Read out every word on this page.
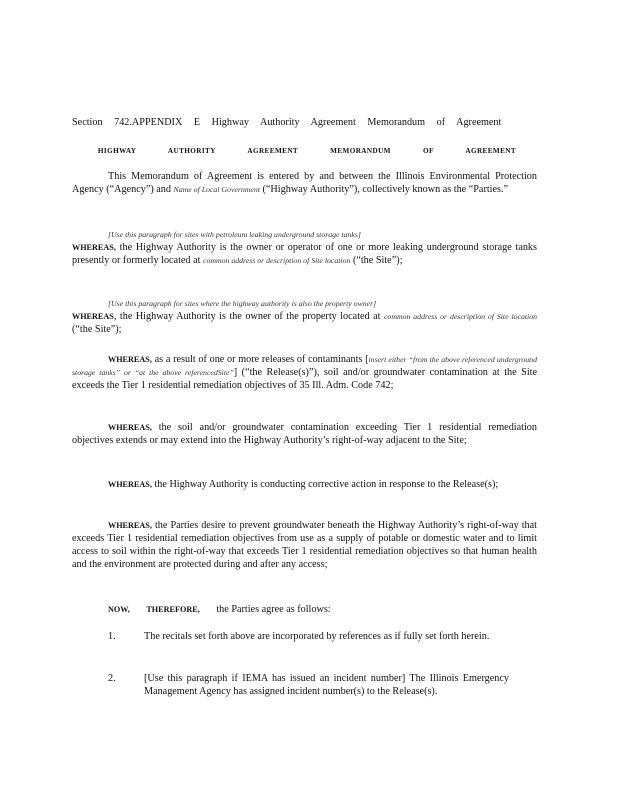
Section 742.APPENDIX E Highway Authority Agreement Memorandum of Agreement
HIGHWAY AUTHORITY AGREEMENT MEMORANDUM OF AGREEMENT
This Memorandum of Agreement is entered by and between the Illinois Environmental Protection Agency (“Agency”) and Name of Local Government (“Highway Authority”), collectively known as the “Parties.”
[Use this paragraph for sites with petroleum leaking underground storage tanks]
WHEREAS, the Highway Authority is the owner or operator of one or more leaking underground storage tanks presently or formerly located at common address or description of Site location (“the Site”);
[Use this paragraph for sites where the highway authority is also the property owner]
WHEREAS, the Highway Authority is the owner of the property located at common address or description of Site location (“the Site”);
WHEREAS, as a result of one or more releases of contaminants [insert either “from the above referenced underground storage tanks” or “at the above referencedSite”] (“the Release(s)”), soil and/or groundwater contamination at the Site exceeds the Tier 1 residential remediation objectives of 35 Ill. Adm. Code 742;
WHEREAS, the soil and/or groundwater contamination exceeding Tier 1 residential remediation objectives extends or may extend into the Highway Authority’s right-of-way adjacent to the Site;
WHEREAS, the Highway Authority is conducting corrective action in response to the Release(s);
WHEREAS, the Parties desire to prevent groundwater beneath the Highway Authority’s right-of-way that exceeds Tier 1 residential remediation objectives from use as a supply of potable or domestic water and to limit access to soil within the right-of-way that exceeds Tier 1 residential remediation objectives so that human health and the environment are protected during and after any access;
NOW, THEREFORE, the Parties agree as follows:
1.	The recitals set forth above are incorporated by references as if fully set forth herein.
2.	[Use this paragraph if IEMA has issued an incident number] The Illinois Emergency Management Agency has assigned incident number(s) to the Release(s).
